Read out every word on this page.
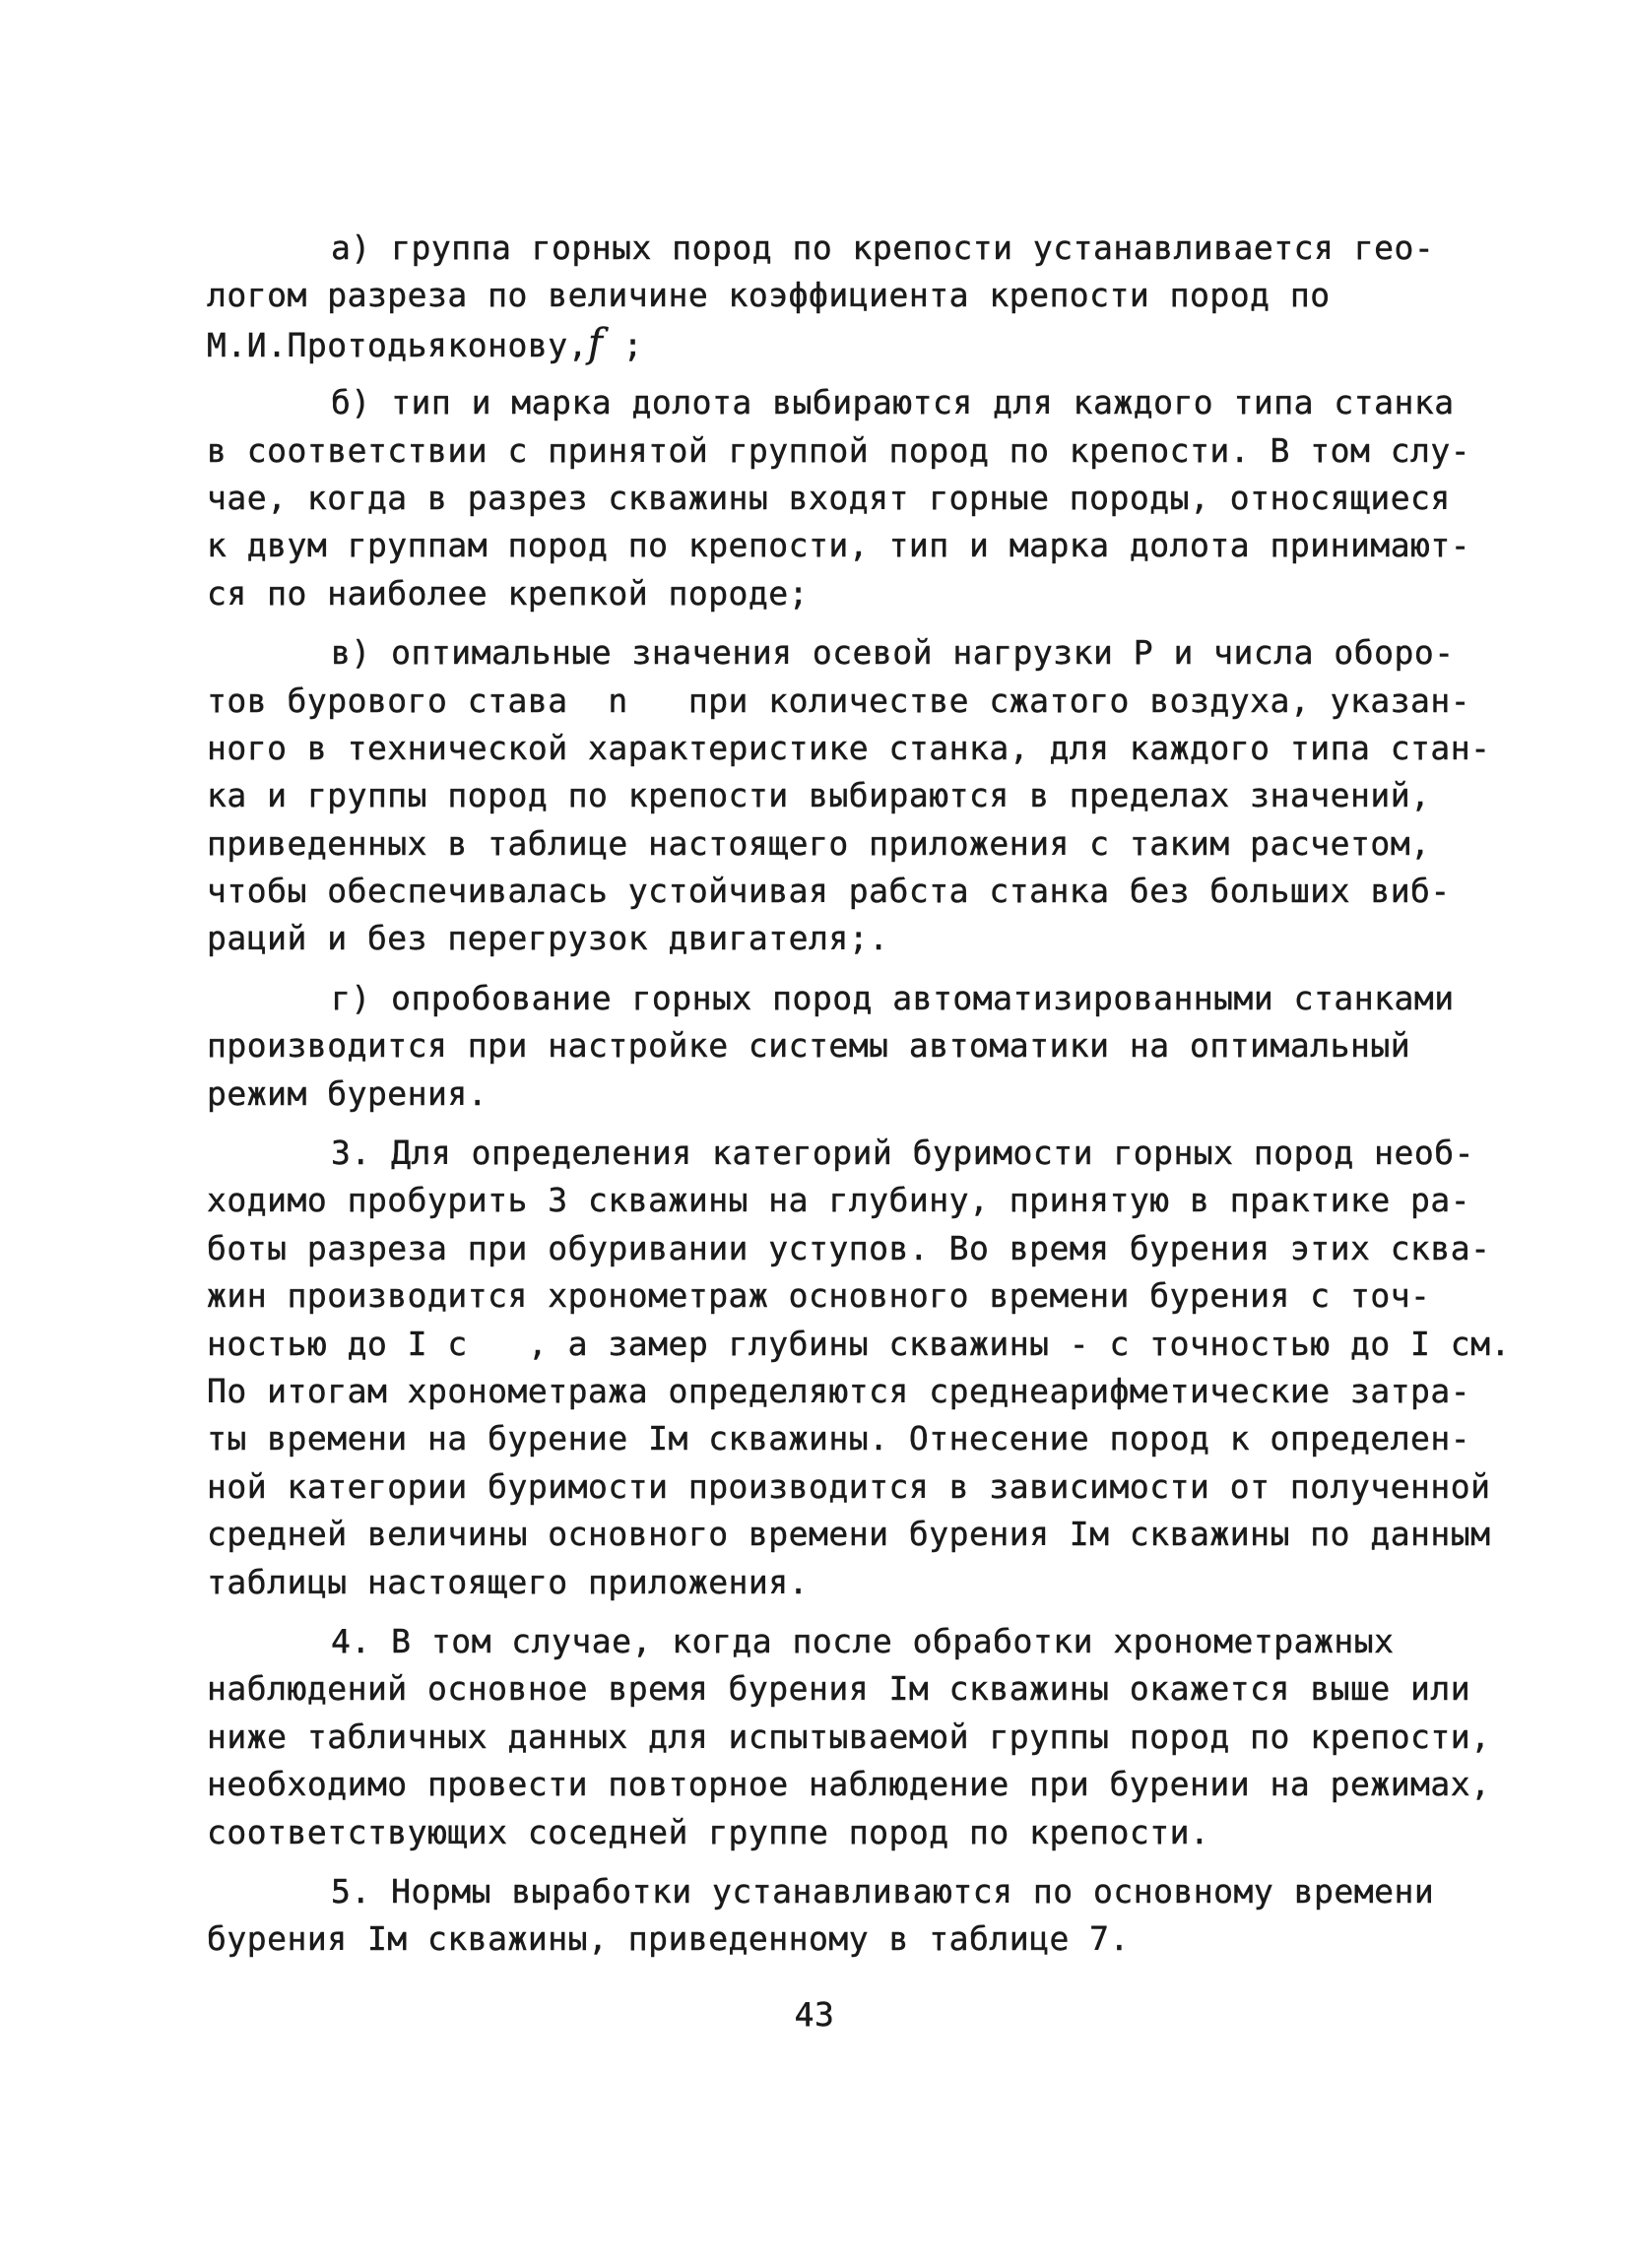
а) группа горных пород по крепости устанавливается гео-
логом разреза по величине коэффициента крепости пород по
М.И.Протодьяконову,f ;
б) тип и марка долота выбираются для каждого типа станка
в соответствии с принятой группой пород по крепости. В том слу-
чае, когда в разрез скважины входят горные породы, относящиеся
к двум группам пород по крепости, тип и марка долота принимают-
ся по наиболее крепкой породе;
в) оптимальные значения осевой нагрузки Р и числа оборо-
тов бурового става  n   при количестве сжатого воздуха, указан-
ного в технической характеристике станка, для каждого типа стан-
ка и группы пород по крепости выбираются в пределах значений,
приведенных в таблице настоящего приложения с таким расчетом,
чтобы обеспечивалась устойчивая рабста станка без больших виб-
раций и без перегрузок двигателя;.
г) опробование горных пород автоматизированными станками
производится при настройке системы автоматики на оптимальный
режим бурения.
3. Для определения категорий буримости горных пород необ-
ходимо пробурить 3 скважины на глубину, принятую в практике ра-
боты разреза при обуривании уступов. Во время бурения этих сква-
жин производится хронометраж основного времени бурения с точ-
ностью до I с   , а замер глубины скважины - с точностью до I см.
По итогам хронометража определяются среднеарифметические затра-
ты времени на бурение Iм скважины. Отнесение пород к определен-
ной категории буримости производится в зависимости от полученной
средней величины основного времени бурения Iм скважины по данным
таблицы настоящего приложения.
4. В том случае, когда после обработки хронометражных
наблюдений основное время бурения Iм скважины окажется выше или
ниже табличных данных для испытываемой группы пород по крепости,
необходимо провести повторное наблюдение при бурении на режимах,
соответствующих соседней группе пород по крепости.
5. Нормы выработки устанавливаются по основному времени
бурения Iм скважины, приведенному в таблице 7.
43
